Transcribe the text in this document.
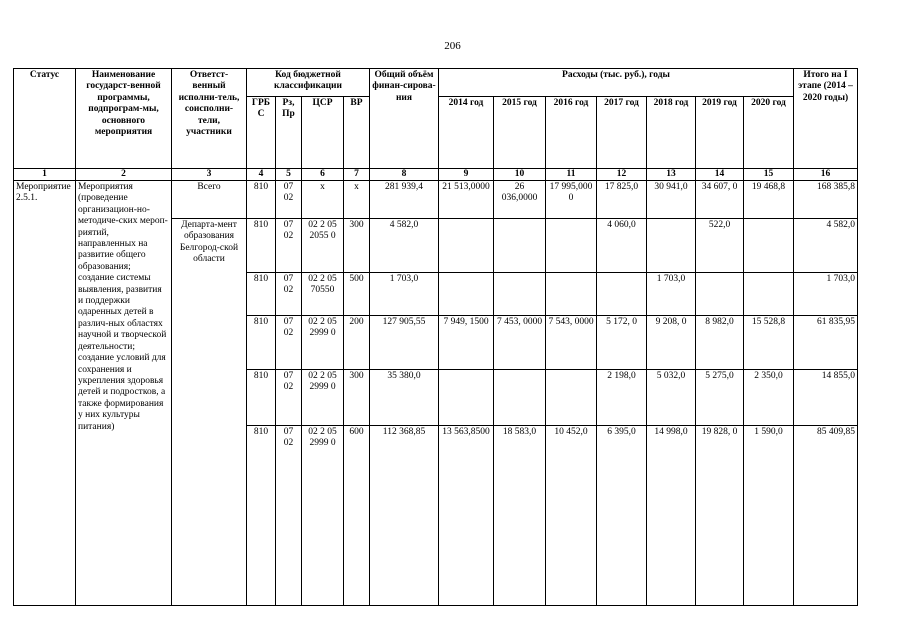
206
Статус	Наименование государст-венной программы, подпрограм-мы, основного мероприятия	Ответст-венный исполни-тель, соисполни-тели, участники	Код бюджетной классификации				Общий объём финан-сирова-ния	Расходы (тыс. руб.), годы							Итого на I этапе (2014 – 2020 годы)
			ГРБ С	Рз, Пр	ЦСР	ВР		2014 год	2015 год	2016 год	2017 год	2018 год	2019 год	2020 год	
1	2	3	4	5	6	7	8	9	10	11	12	13	14	15	16
Мероприятие 2.5.1.	Мероприятия (проведение организацион-но-методиче-ских мероп-риятий, направленных на развитие общего образования; создание системы выявления, развития и поддержки одаренных детей в различ-ных областях научной и творческой деятельности; создание условий для сохранения и укрепления здоровья детей и подростков, а также формирования у них культуры питания)	Всего	810	07 02	х	х	281 939,4	21 513,0000	26 036,0000	17 995,000 0	17 825,0	30 941,0	34 607, 0	19 468,8	168 385,8
		Департа-мент образования Белгород-ской области	810	07 02	02 2 05 2055 0	300	4 582,0				4 060,0		522,0		4 582,0
			810	07 02	02 2 05 70550	500	1 703,0					1 703,0			1 703,0
			810	07 02	02 2 05 2999 0	200	127 905,55	7 949, 1500	7 453, 0000	7 543, 0000	5 172, 0	9 208, 0	8 982,0	15 528,8	61 835,95
			810	07 02	02 2 05 2999 0	300	35 380,0				2 198,0	5 032,0	5 275,0	2 350,0	14 855,0
			810	07 02	02 2 05 2999 0	600	112 368,85	13 563,8500	18 583,0	10 452,0	6 395,0	14 998,0	19 828, 0	1 590,0	85 409,85
